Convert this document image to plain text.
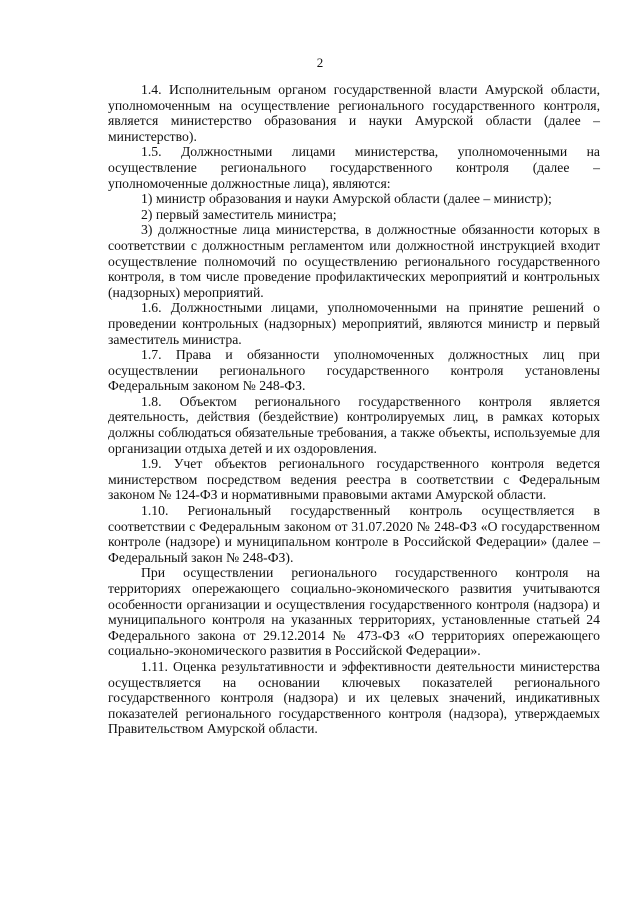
2

1.4. Исполнительным органом государственной власти Амурской области, уполномоченным на осуществление регионального государственного контроля, является министерство образования и науки Амурской области (далее – министерство).

1.5. Должностными лицами министерства, уполномоченными на осуществление регионального государственного контроля (далее – уполномоченные должностные лица), являются:

1) министр образования и науки Амурской области (далее – министр);

2) первый заместитель министра;

3) должностные лица министерства, в должностные обязанности которых в соответствии с должностным регламентом или должностной инструкцией входит осуществление полномочий по осуществлению регионального государственного контроля, в том числе проведение профилактических мероприятий и контрольных (надзорных) мероприятий.

1.6. Должностными лицами, уполномоченными на принятие решений о проведении контрольных (надзорных) мероприятий, являются министр и первый заместитель министра.

1.7. Права и обязанности уполномоченных должностных лиц при осуществлении регионального государственного контроля установлены Федеральным законом № 248-ФЗ.

1.8. Объектом регионального государственного контроля является деятельность, действия (бездействие) контролируемых лиц, в рамках которых должны соблюдаться обязательные требования, а также объекты, используемые для организации отдыха детей и их оздоровления.

1.9. Учет объектов регионального государственного контроля ведется министерством посредством ведения реестра в соответствии с Федеральным законом № 124-ФЗ и нормативными правовыми актами Амурской области.

1.10. Региональный государственный контроль осуществляется в соответствии с Федеральным законом от 31.07.2020 № 248-ФЗ «О государственном контроле (надзоре) и муниципальном контроле в Российской Федерации» (далее – Федеральный закон № 248-ФЗ).

При осуществлении регионального государственного контроля на территориях опережающего социально-экономического развития учитываются особенности организации и осуществления государственного контроля (надзора) и муниципального контроля на указанных территориях, установленные статьей 24 Федерального закона от 29.12.2014 № 473-ФЗ «О территориях опережающего социально-экономического развития в Российской Федерации».

1.11. Оценка результативности и эффективности деятельности министерства осуществляется на основании ключевых показателей регионального государственного контроля (надзора) и их целевых значений, индикативных показателей регионального государственного контроля (надзора), утверждаемых Правительством Амурской области.
